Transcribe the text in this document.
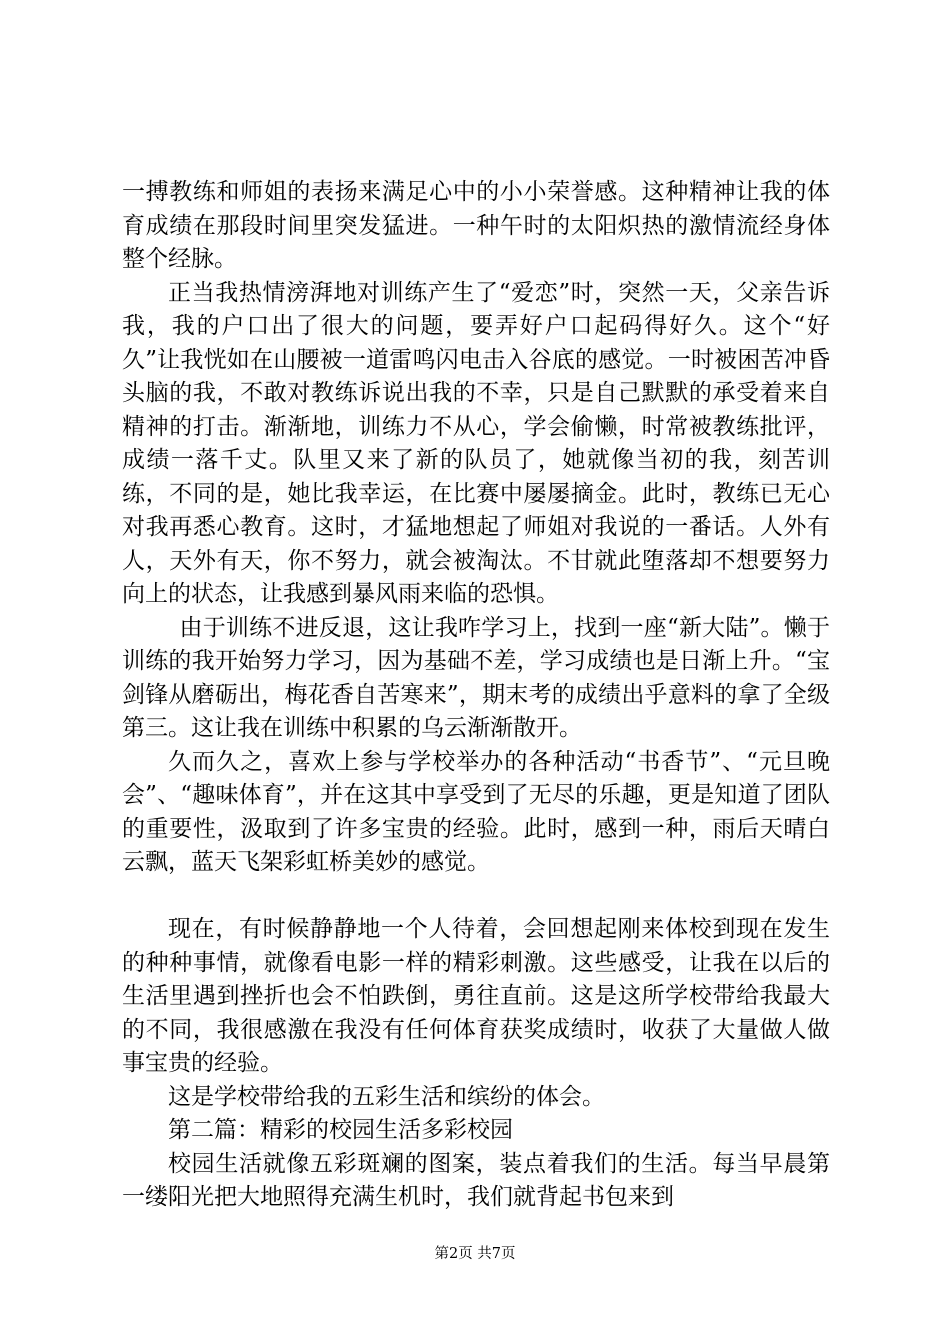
一搏教练和师姐的表扬来满足心中的小小荣誉感。这种精神让我的体育成绩在那段时间里突发猛进。一种午时的太阳炽热的激情流经身体整个经脉。

正当我热情滂湃地对训练产生了“爱恋”时，突然一天，父亲告诉我，我的户口出了很大的问题，要弄好户口起码得好久。这个“好久”让我恍如在山腰被一道雷鸣闪电击入谷底的感觉。一时被困苦冲昏头脑的我，不敢对教练诉说出我的不幸，只是自己默默的承受着来自精神的打击。渐渐地，训练力不从心，学会偷懒，时常被教练批评，成绩一落千丈。队里又来了新的队员了，她就像当初的我，刻苦训练，不同的是，她比我幸运，在比赛中屡屡摘金。此时，教练已无心对我再悉心教育。这时，才猛地想起了师姐对我说的一番话。人外有人，天外有天，你不努力，就会被淘汰。不甘就此堕落却不想要努力向上的状态，让我感到暴风雨来临的恐惧。

由于训练不进反退，这让我咋学习上，找到一座“新大陆”。懒于训练的我开始努力学习，因为基础不差，学习成绩也是日渐上升。“宝剑锋从磨砺出，梅花香自苦寒来”，期末考的成绩出乎意料的拿了全级第三。这让我在训练中积累的乌云渐渐散开。

久而久之，喜欢上参与学校举办的各种活动“书香节”、“元旦晚会”、“趣味体育”，并在这其中享受到了无尽的乐趣，更是知道了团队的重要性，汲取到了许多宝贵的经验。此时，感到一种，雨后天晴白云飘，蓝天飞架彩虹桥美妙的感觉。

现在，有时候静静地一个人待着，会回想起刚来体校到现在发生的种种事情，就像看电影一样的精彩刺激。这些感受，让我在以后的生活里遇到挫折也会不怕跌倒，勇往直前。这是这所学校带给我最大的不同，我很感激在我没有任何体育获奖成绩时，收获了大量做人做事宝贵的经验。

这是学校带给我的五彩生活和缤纷的体会。

第二篇：精彩的校园生活多彩校园

校园生活就像五彩斑斓的图案，装点着我们的生活。每当早晨第一缕阳光把大地照得充满生机时，我们就背起书包来到

第2页 共7页
